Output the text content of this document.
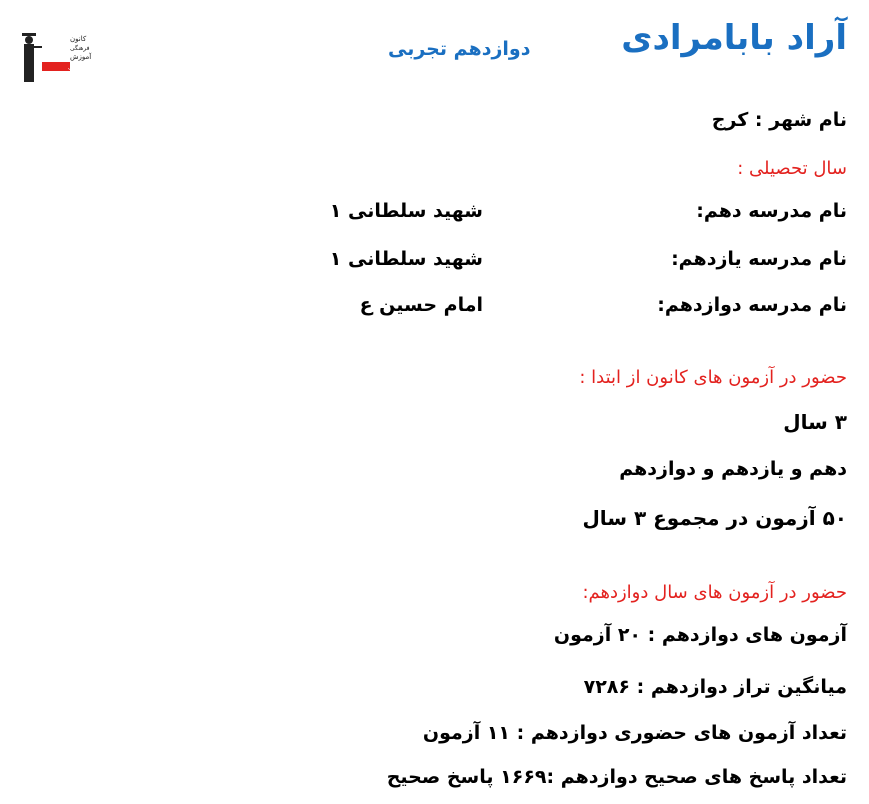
آراد بابامرادی
دوازدهم تجربی
کانون
فرهنگی
آموزش
قلم چی
نام شهر : کرج
سال تحصیلی :
نام مدرسه دهم:
شهید سلطانی ۱
نام مدرسه یازدهم:
شهید سلطانی ۱
نام مدرسه دوازدهم:
امام حسین ع
حضور در آزمون های کانون از ابتدا :
۳ سال
دهم و یازدهم و دوازدهم
۵۰ آزمون در مجموع ۳ سال
حضور در آزمون های سال دوازدهم:
آزمون های دوازدهم : ۲۰ آزمون
میانگین تراز دوازدهم : ۷۲۸۶
تعداد آزمون های حضوری دوازدهم : ۱۱ آزمون
تعداد پاسخ های صحیح دوازدهم :۱۶۶۹ پاسخ صحیح
